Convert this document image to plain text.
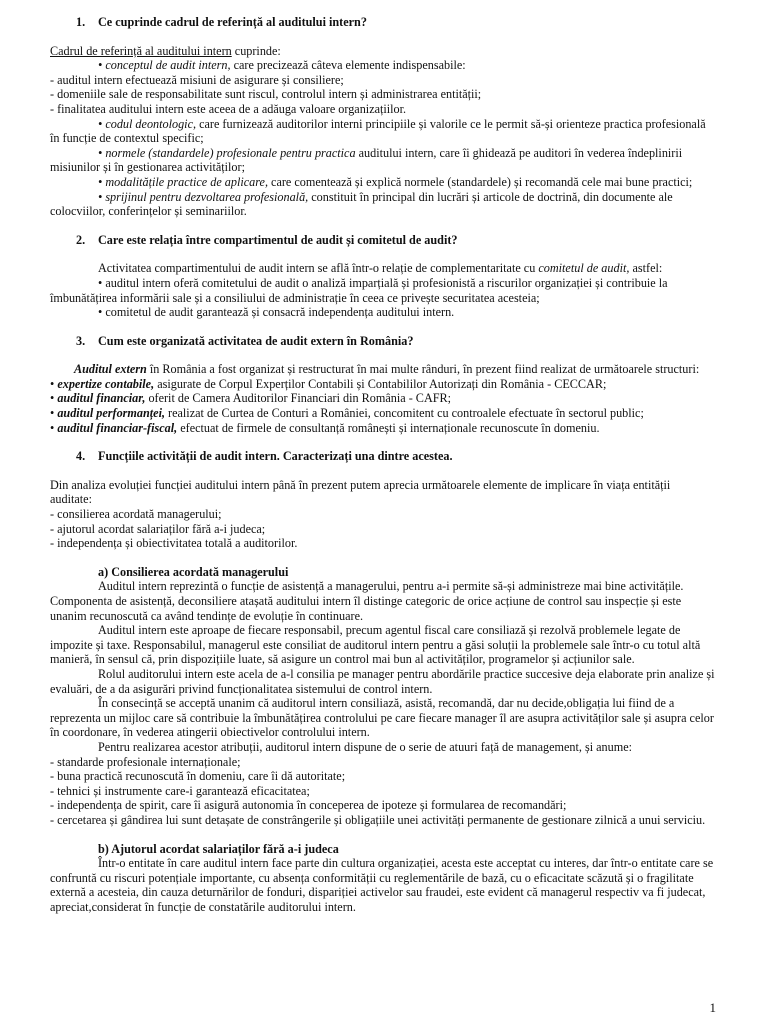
1. Ce cuprinde cadrul de referință al auditului intern?

Cadrul de referință al auditului intern cuprinde:

• conceptul de audit intern, care precizează câteva elemente indispensabile:

- auditul intern efectuează misiuni de asigurare și consiliere;

- domeniile sale de responsabilitate sunt riscul, controlul intern și administrarea entității;

- finalitatea auditului intern este aceea de a adăuga valoare organizațiilor.

• codul deontologic, care furnizează auditorilor interni principiile și valorile ce le permit să-și orienteze practica profesională în funcție de contextul specific;

• normele (standardele) profesionale pentru practica auditului intern, care îi ghidează pe auditori în vederea îndeplinirii misiunilor și în gestionarea activităților;

• modalitățile practice de aplicare, care comentează și explică normele (standardele) și recomandă cele mai bune practici;

• sprijinul pentru dezvoltarea profesională, constituit în principal din lucrări și articole de doctrină, din documente ale colocviilor, conferințelor și seminariilor.

2. Care este relația între compartimentul de audit și comitetul de audit?

Activitatea compartimentului de audit intern se află într-o relație de complementaritate cu comitetul de audit, astfel:

• auditul intern oferă comitetului de audit o analiză imparțială și profesionistă a riscurilor organizației și contribuie la îmbunătățirea informării sale și a consiliului de administrație în ceea ce privește securitatea acesteia;

• comitetul de audit garantează și consacră independența auditului intern.

3. Cum este organizată activitatea de audit extern în România?

Auditul extern în România a fost organizat și restructurat în mai multe rânduri, în prezent fiind realizat de următoarele structuri:

• expertize contabile, asigurate de Corpul Experților Contabili și Contabililor Autorizați din România - CECCAR;

• auditul financiar, oferit de Camera Auditorilor Financiari din România - CAFR;

• auditul performanței, realizat de Curtea de Conturi a României, concomitent cu controalele efectuate în sectorul public;

• auditul financiar-fiscal, efectuat de firmele de consultanță românești și internaționale recunoscute în domeniu.

4. Funcțiile activității de audit intern. Caracterizați una dintre acestea.

Din analiza evoluției funcției auditului intern până în prezent putem aprecia următoarele elemente de implicare în viața entității auditate:

- consilierea acordată managerului;

- ajutorul acordat salariaților fără a-i judeca;

- independența și obiectivitatea totală a auditorilor.

a) Consilierea acordată managerului

Auditul intern reprezintă o funcție de asistență a managerului, pentru a-i permite să-și administreze mai bine activitățile. Componenta de asistență, deconsiliere atașată auditului intern îl distinge categoric de orice acțiune de control sau inspecție și este unanim recunoscută ca având tendințe de evoluție în continuare.

Auditul intern este aproape de fiecare responsabil, precum agentul fiscal care consiliază și rezolvă problemele legate de impozite și taxe. Responsabilul, managerul este consiliat de auditorul intern pentru a găsi soluții la problemele sale într-o cu totul altă manieră, în sensul că, prin dispozițiile luate, să asigure un control mai bun al activităților, programelor și acțiunilor sale.

Rolul auditorului intern este acela de a-l consilia pe manager pentru abordările practice succesive deja elaborate prin analize și evaluări, de a da asigurări privind funcționalitatea sistemului de control intern.

În consecință se acceptă unanim că auditorul intern consiliază, asistă, recomandă, dar nu decide,obligația lui fiind de a reprezenta un mijloc care să contribuie la îmbunătățirea controlului pe care fiecare manager îl are asupra activităților sale și asupra celor în coordonare, în vederea atingerii obiectivelor controlului intern.

Pentru realizarea acestor atribuții, auditorul intern dispune de o serie de atuuri față de management, și anume:

- standarde profesionale internaționale;

- buna practică recunoscută în domeniu, care îi dă autoritate;

- tehnici și instrumente care-i garantează eficacitatea;

- independența de spirit, care îi asigură autonomia în conceperea de ipoteze și formularea de recomandări;

- cercetarea și gândirea lui sunt detașate de constrângerile și obligațiile unei activități permanente de gestionare zilnică a unui serviciu.

b) Ajutorul acordat salariaților fără a-i judeca

Într-o entitate în care auditul intern face parte din cultura organizației, acesta este acceptat cu interes, dar într-o entitate care se confruntă cu riscuri potențiale importante, cu absența conformității cu reglementările de bază, cu o eficacitate scăzută și o fragilitate externă a acesteia, din cauza deturnărilor de fonduri, dispariției activelor sau fraudei, este evident că managerul respectiv va fi judecat, apreciat,considerat în funcție de constatările auditorului intern.

1
